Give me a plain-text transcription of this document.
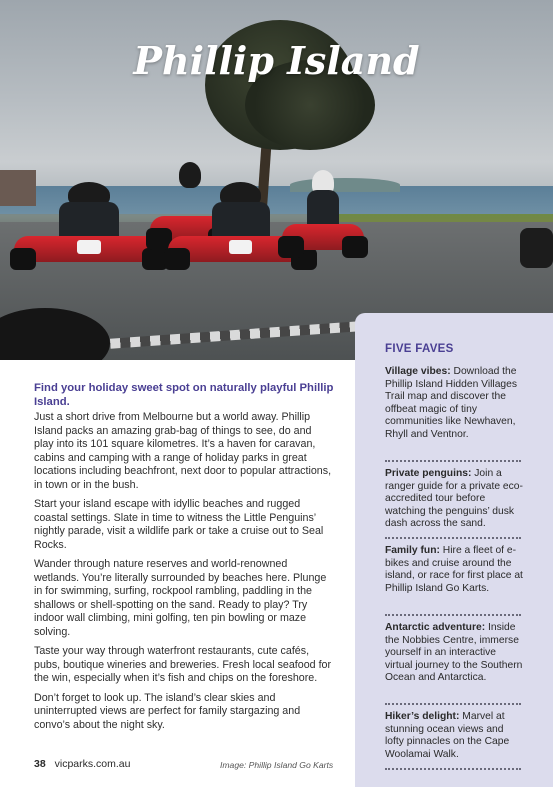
Phillip Island
FIVE FAVES
Village vibes: Download the Phillip Island Hidden Villages Trail map and discover the offbeat magic of tiny communities like Newhaven, Rhyll and Ventnor.
Private penguins: Join a ranger guide for a private eco-accredited tour before watching the penguins’ dusk dash across the sand.
Family fun: Hire a fleet of e-bikes and cruise around the island, or race for first place at Phillip Island Go Karts.
Antarctic adventure: Inside the Nobbies Centre, immerse yourself in an interactive virtual journey to the Southern Ocean and Antarctica.
Hiker’s delight: Marvel at stunning ocean views and lofty pinnacles on the Cape Woolamai Walk.

Find your holiday sweet spot on naturally playful Phillip Island.

Just a short drive from Melbourne but a world away. Phillip Island packs an amazing grab-bag of things to see, do and play into its 101 square kilometres. It’s a haven for caravan, cabins and camping with a range of holiday parks in great locations including beachfront, next door to popular attractions, in town or in the bush.

Start your island escape with idyllic beaches and rugged coastal settings. Slate in time to witness the Little Penguins’ nightly parade, visit a wildlife park or take a cruise out to Seal Rocks.

Wander through nature reserves and world-renowned wetlands. You’re literally surrounded by beaches here. Plunge in for swimming, surfing, rockpool rambling, paddling in the shallows or shell-spotting on the sand. Ready to play? Try indoor wall climbing, mini golfing, ten pin bowling or maze solving.

Taste your way through waterfront restaurants, cute cafés, pubs, boutique wineries and breweries. Fresh local seafood for the win, especially when it’s fish and chips on the foreshore.

Don’t forget to look up. The island’s clear skies and uninterrupted views are perfect for family stargazing and convo’s about the night sky.

38 vicparks.com.au	Image: Phillip Island Go Karts
